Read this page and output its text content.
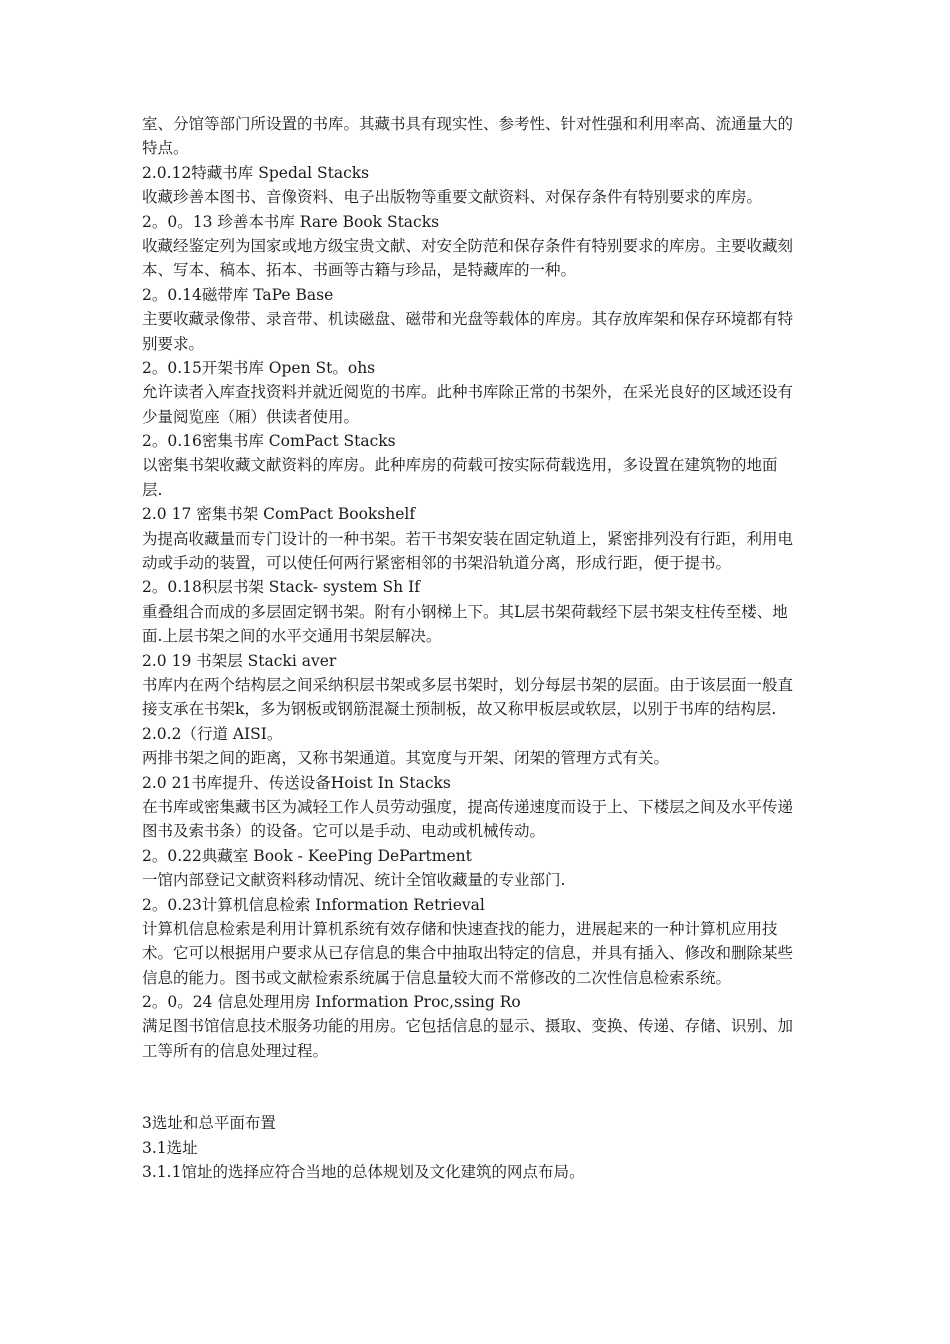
室、分馆等部门所设置的书库。其藏书具有现实性、参考性、针对性强和利用率高、流通量大的
特点。
2.0.12特藏书库 Spedal Stacks
收藏珍善本图书、音像资料、电子出版物等重要文献资料、对保存条件有特别要求的库房。
2。0。13 珍善本书库 Rare Book Stacks
收藏经鉴定列为国家或地方级宝贵文献、对安全防范和保存条件有特别要求的库房。主要收藏刻
本、写本、稿本、拓本、书画等古籍与珍品，是特藏库的一种。
2。0.14磁带库 TaPe Base
主要收藏录像带、录音带、机读磁盘、磁带和光盘等载体的库房。其存放库架和保存环境都有特
别要求。
2。0.15开架书库 Open St。ohs
允许读者入库查找资料并就近阅览的书库。此种书库除正常的书架外，在采光良好的区域还设有
少量阅览座（厢）供读者使用。
2。0.16密集书库 ComPact Stacks
以密集书架收藏文献资料的库房。此种库房的荷载可按实际荷载选用，多设置在建筑物的地面
层.
2.0 17 密集书架 ComPact Bookshelf
为提高收藏量而专门设计的一种书架。若干书架安装在固定轨道上，紧密排列没有行距，利用电
动或手动的装置，可以使任何两行紧密相邻的书架沿轨道分离，形成行距，便于提书。
2。0.18积层书架 Stack- system Sh If
重叠组合而成的多层固定钢书架。附有小钢梯上下。其L层书架荷载经下层书架支柱传至楼、地
面.上层书架之间的水平交通用书架层解决。
2.0 19 书架层 Stacki aver
书库内在两个结构层之间采纳积层书架或多层书架时，划分每层书架的层面。由于该层面一般直
接支承在书架k，多为钢板或钢筋混凝土预制板，故又称甲板层或软层，以别于书库的结构层.
2.0.2（行道 AISI。
两排书架之间的距离，又称书架通道。其宽度与开架、闭架的管理方式有关。
2.0 21书库提升、传送设备Hoist In Stacks
在书库或密集藏书区为减轻工作人员劳动强度，提高传递速度而设于上、下楼层之间及水平传递
图书及索书条）的设备。它可以是手动、电动或机械传动。
2。0.22典藏室 Book - KeePing DePartment
一馆内部登记文献资料移动情况、统计全馆收藏量的专业部门.
2。0.23计算机信息检索 Information Retrieval
计算机信息检索是利用计算机系统有效存储和快速查找的能力，进展起来的一种计算机应用技
术。它可以根据用户要求从已存信息的集合中抽取出特定的信息，并具有插入、修改和删除某些
信息的能力。图书或文献检索系统属于信息量较大而不常修改的二次性信息检索系统。
2。0。24 信息处理用房 Information Proc,ssing Ro
满足图书馆信息技术服务功能的用房。它包括信息的显示、摄取、变换、传递、存储、识别、加
工等所有的信息处理过程。
3选址和总平面布置
3.1选址
3.1.1馆址的选择应符合当地的总体规划及文化建筑的网点布局。
